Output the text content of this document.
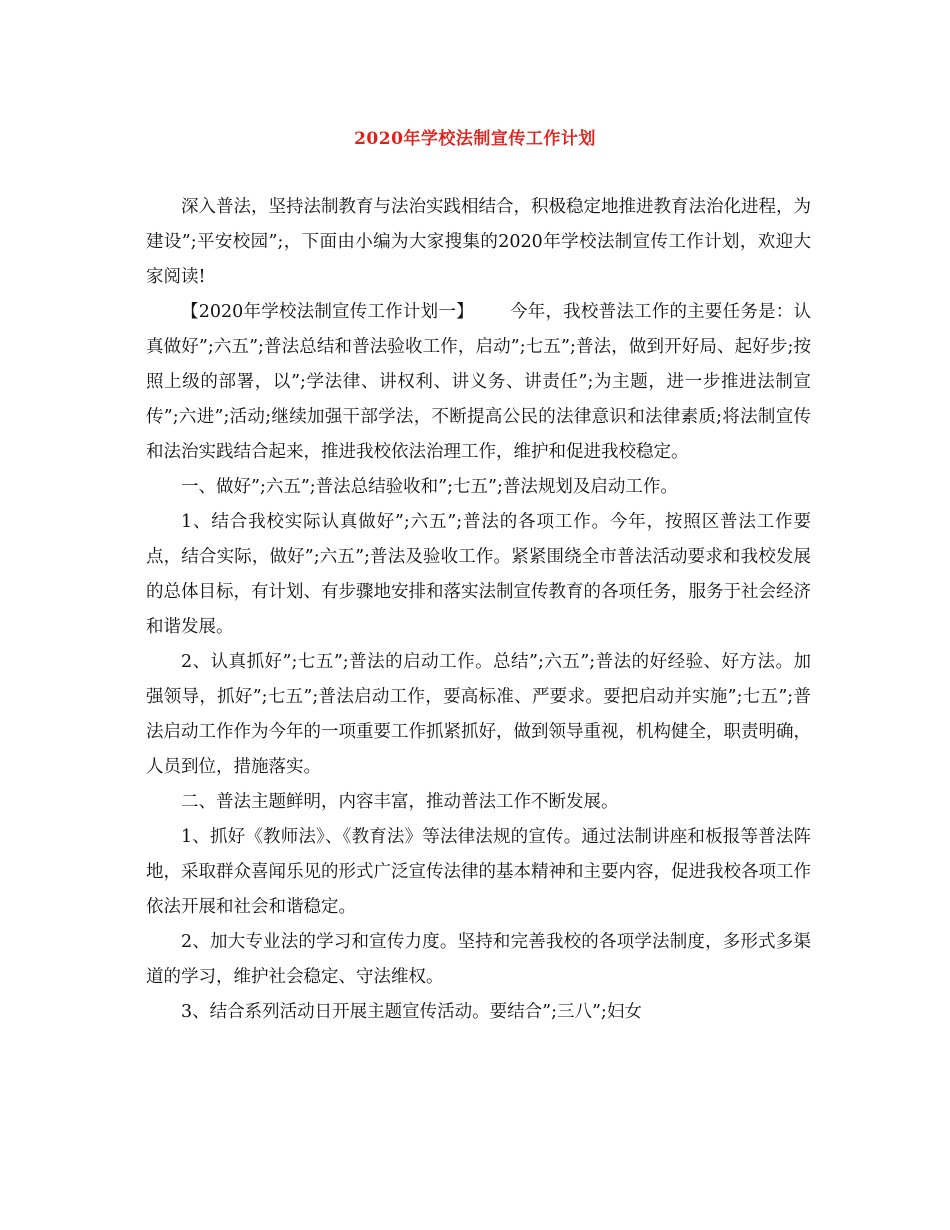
2020年学校法制宣传工作计划

深入普法，坚持法制教育与法治实践相结合，积极稳定地推进教育法治化进程，为建设”;平安校园”;，下面由小编为大家搜集的2020年学校法制宣传工作计划，欢迎大家阅读!

【2020年学校法制宣传工作计划一】 今年，我校普法工作的主要任务是：认真做好”;六五”;普法总结和普法验收工作，启动”;七五”;普法，做到开好局、起好步;按照上级的部署，以”;学法律、讲权利、讲义务、讲责任”;为主题，进一步推进法制宣传”;六进”;活动;继续加强干部学法，不断提高公民的法律意识和法律素质;将法制宣传和法治实践结合起来，推进我校依法治理工作，维护和促进我校稳定。

一、做好”;六五”;普法总结验收和”;七五”;普法规划及启动工作。

1、结合我校实际认真做好”;六五”;普法的各项工作。今年，按照区普法工作要点，结合实际，做好”;六五”;普法及验收工作。紧紧围绕全市普法活动要求和我校发展的总体目标，有计划、有步骤地安排和落实法制宣传教育的各项任务，服务于社会经济和谐发展。

2、认真抓好”;七五”;普法的启动工作。总结”;六五”;普法的好经验、好方法。加强领导，抓好”;七五”;普法启动工作，要高标准、严要求。要把启动并实施”;七五”;普法启动工作作为今年的一项重要工作抓紧抓好，做到领导重视，机构健全，职责明确，人员到位，措施落实。

二、普法主题鲜明，内容丰富，推动普法工作不断发展。

1、抓好《教师法》、《教育法》等法律法规的宣传。通过法制讲座和板报等普法阵地，采取群众喜闻乐见的形式广泛宣传法律的基本精神和主要内容，促进我校各项工作依法开展和社会和谐稳定。

2、加大专业法的学习和宣传力度。坚持和完善我校的各项学法制度，多形式多渠道的学习，维护社会稳定、守法维权。

3、结合系列活动日开展主题宣传活动。要结合”;三八”;妇女
